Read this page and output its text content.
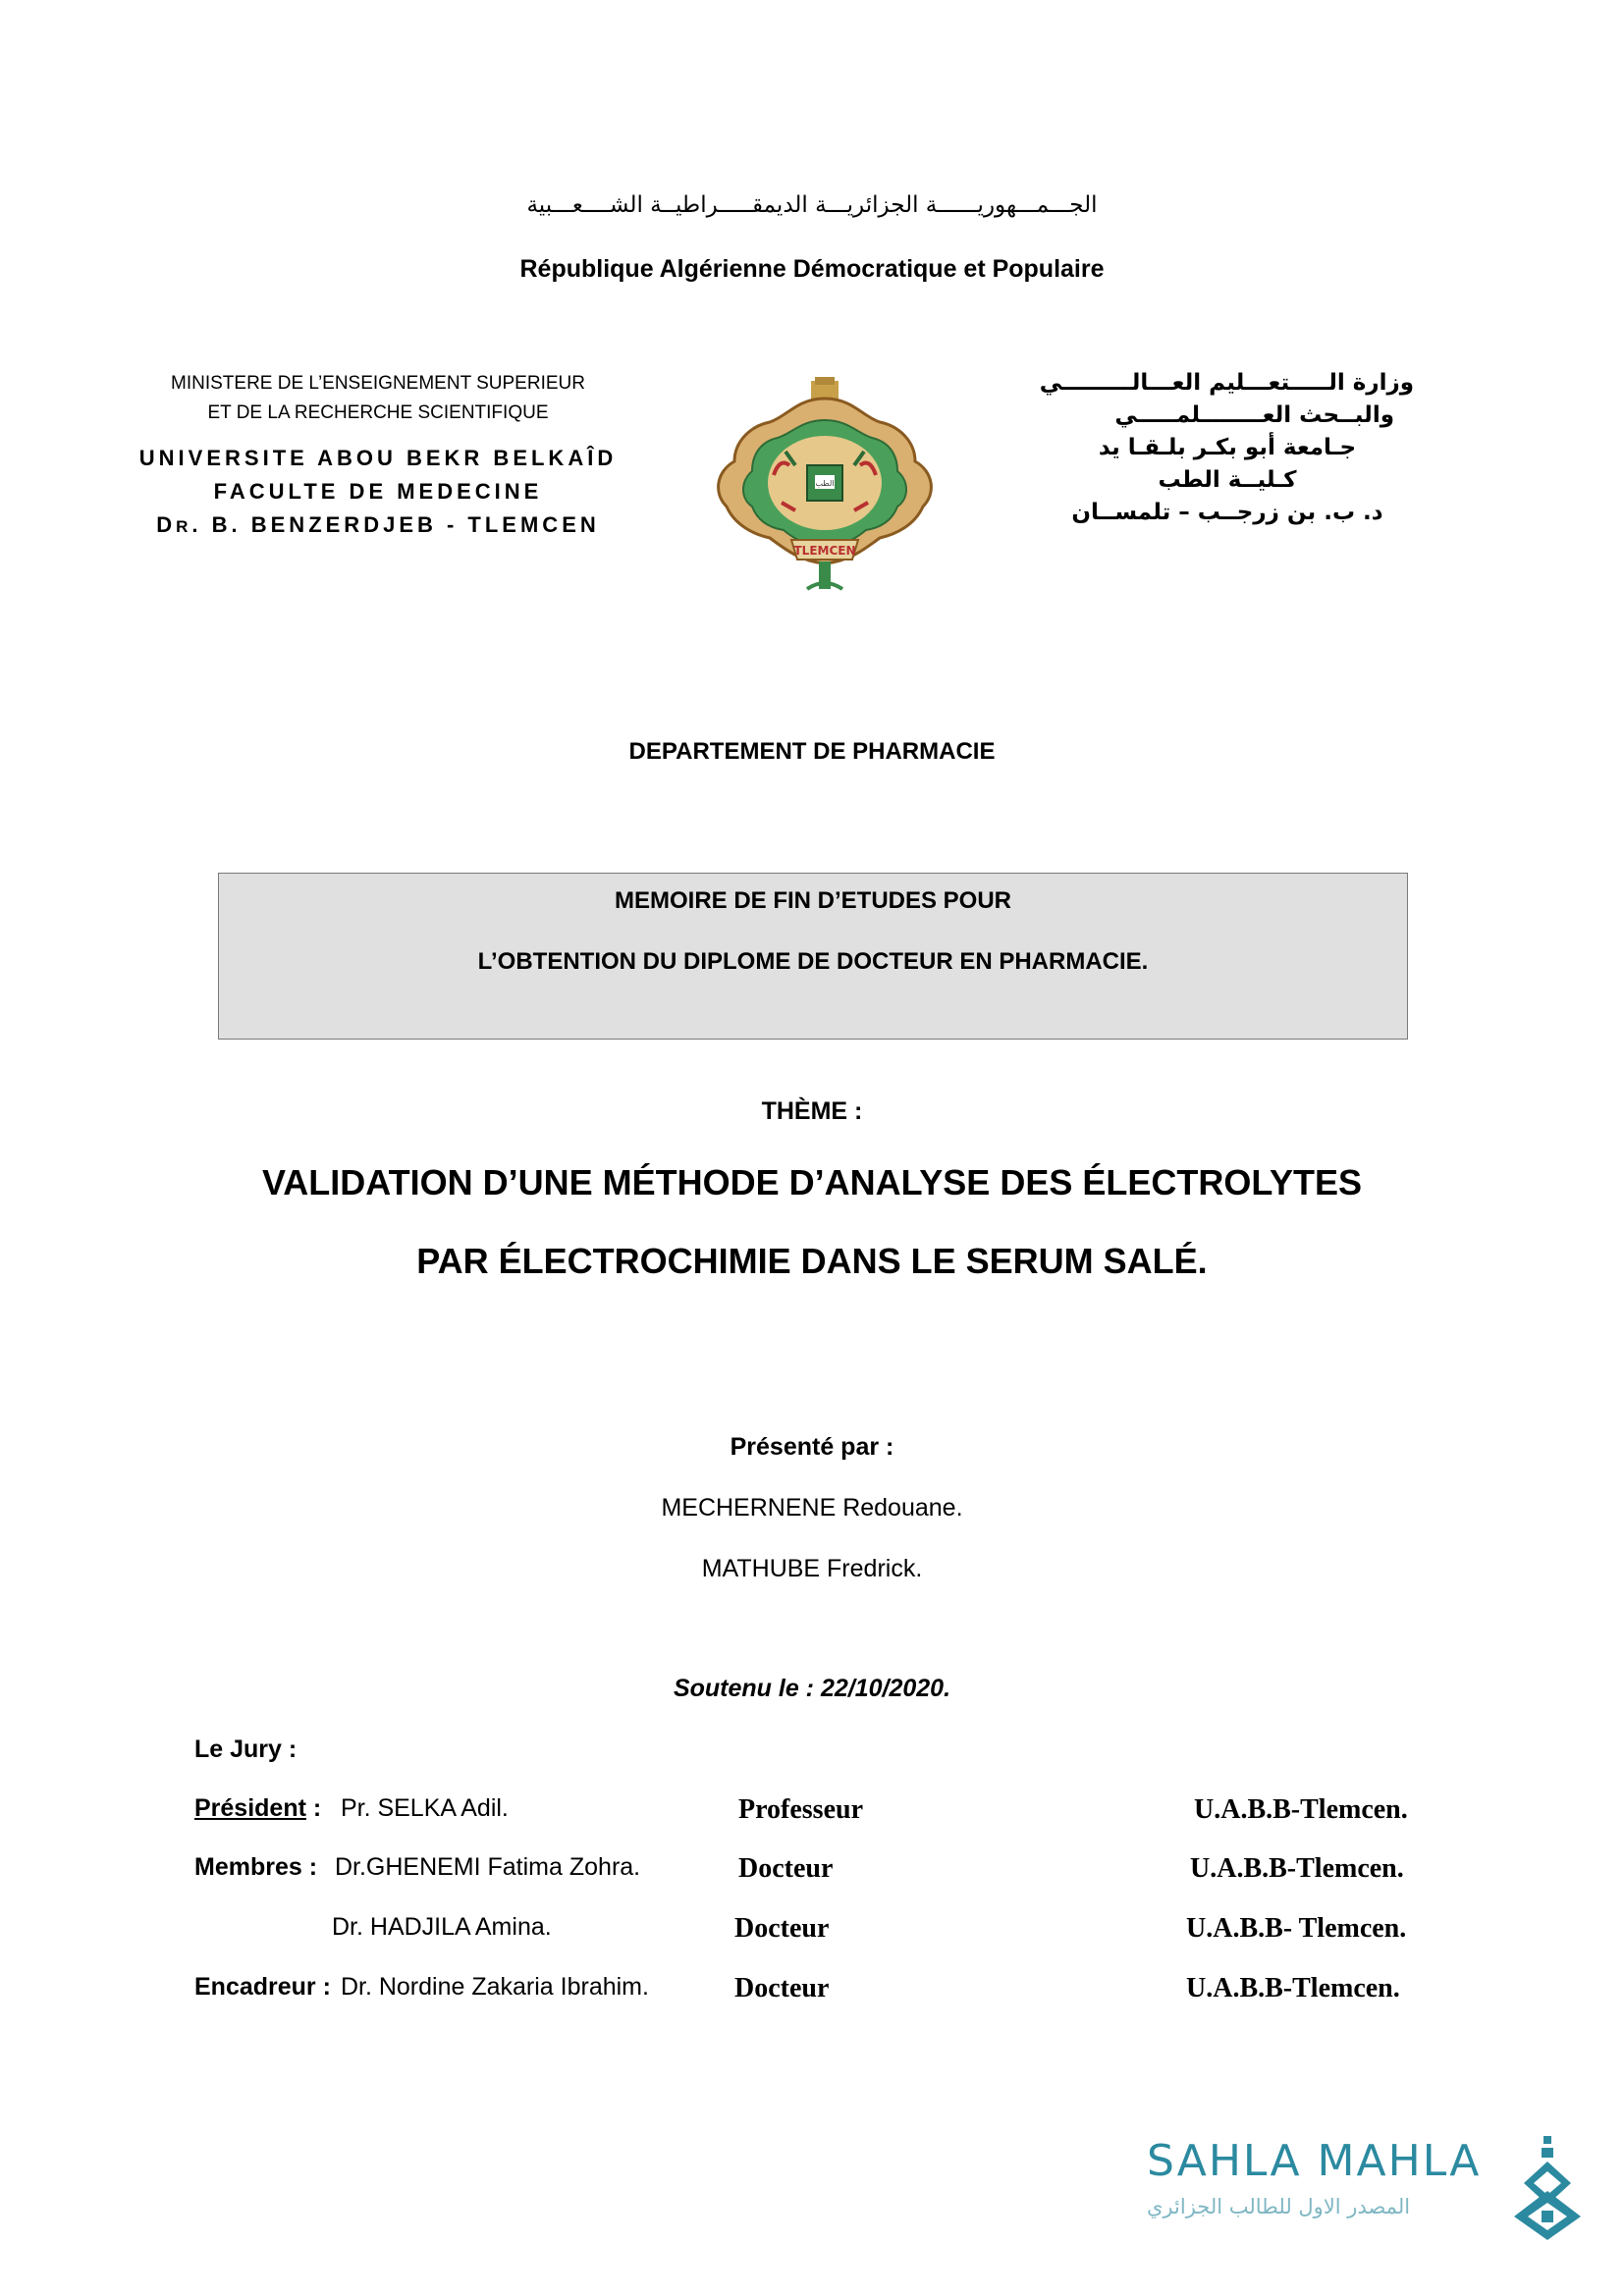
الجـــمـــهوريــــــة الجزائريـــة الديمقـــــراطيــة الشــــعـــبية
République Algérienne Démocratique et Populaire
MINISTERE DE L’ENSEIGNEMENT SUPERIEUR
ET DE LA RECHERCHE SCIENTIFIQUE
UNIVERSITE ABOU BEKR BELKAÎD
FACULTE DE MEDECINE
DR. B. BENZERDJEB - TLEMCEN
الطب
TLEMCEN
وزارة الـــــتعـــليم العـــالـــــــــي
والبــحث العــــــــلمـــــي
جـامعة أبو بكـر بلـقـا يد
كـليــة الطب
د. ب. بن زرجــب – تلمســان
DEPARTEMENT DE PHARMACIE
MEMOIRE DE FIN D’ETUDES POUR
L’OBTENTION DU DIPLOME DE DOCTEUR EN PHARMACIE.
THÈME :
VALIDATION D’UNE MÉTHODE D’ANALYSE DES ÉLECTROLYTES
PAR ÉLECTROCHIMIE DANS LE SERUM SALÉ.
Présenté par :
MECHERNENE Redouane.
MATHUBE Fredrick.
Soutenu le : 22/10/2020.
Le Jury :
Président : Pr. SELKA Adil.	Professeur	U.A.B.B-Tlemcen.
Membres : Dr.GHENEMI Fatima Zohra.	Docteur	U.A.B.B-Tlemcen.
Dr. HADJILA Amina.	Docteur	U.A.B.B- Tlemcen.
Encadreur : Dr. Nordine Zakaria Ibrahim.	Docteur	U.A.B.B-Tlemcen.
SAHLA MAHLA
المصدر الاول للطالب الجزائري
